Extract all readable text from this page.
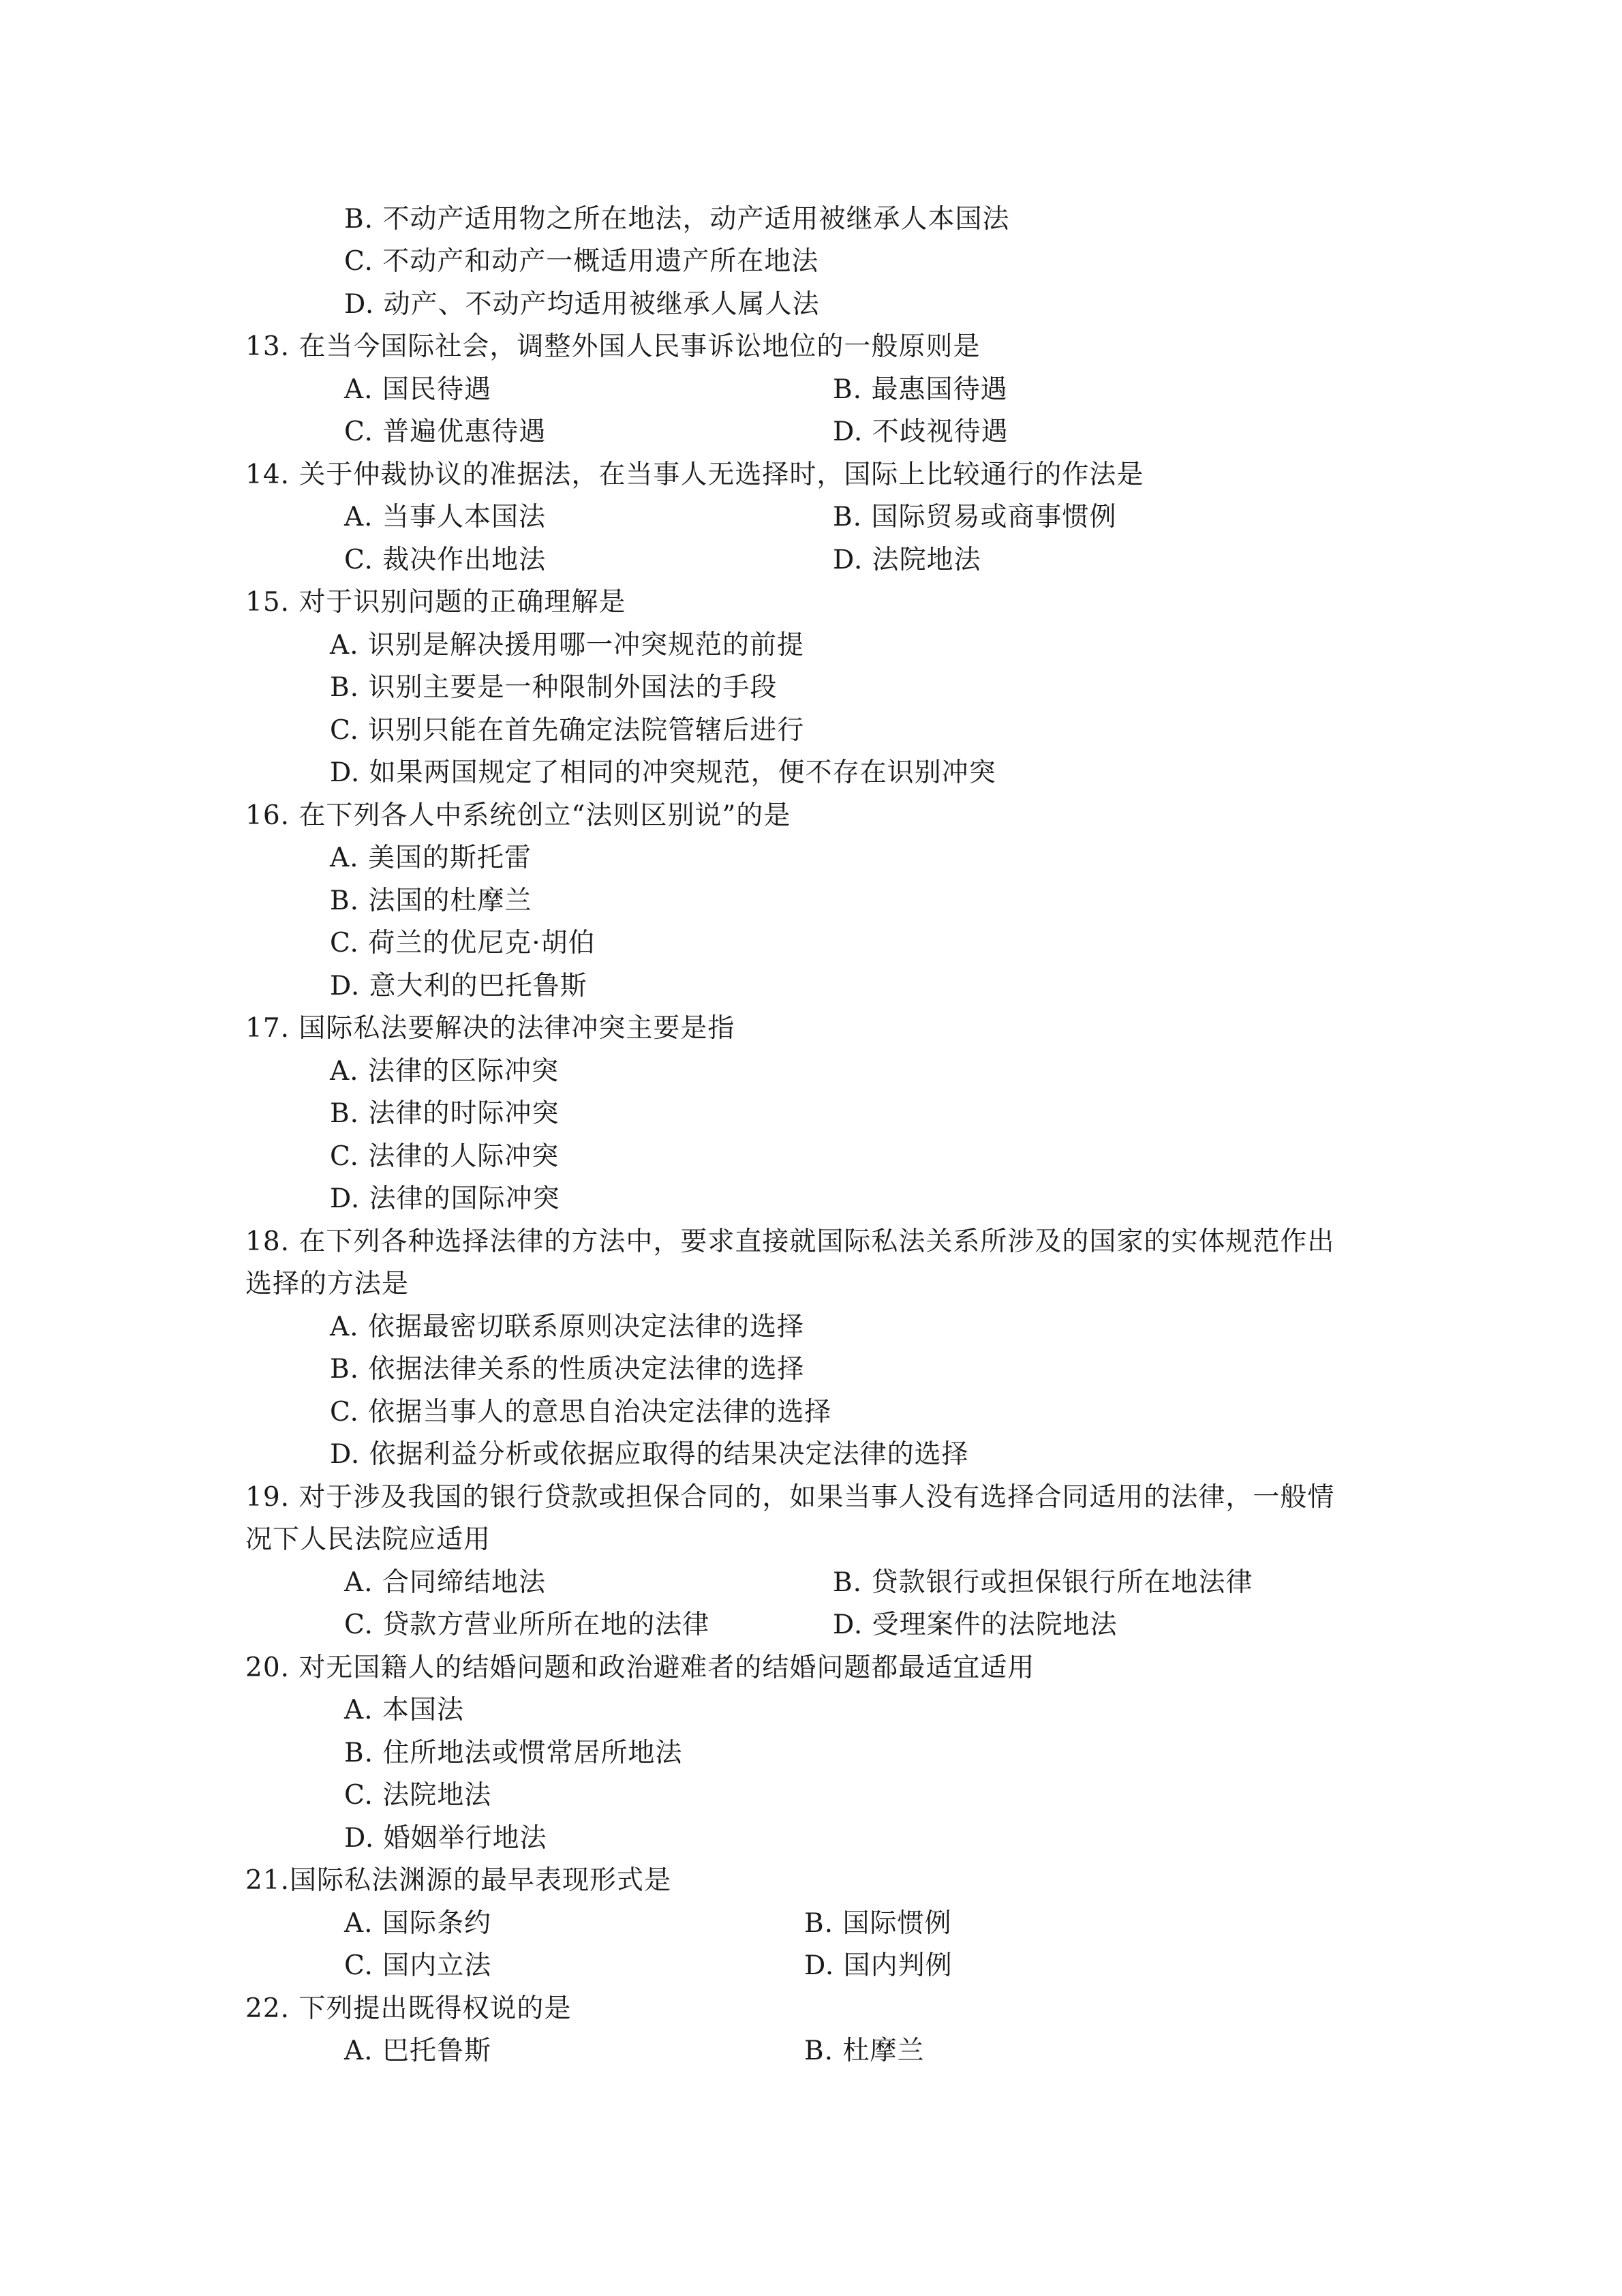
B. 不动产适用物之所在地法，动产适用被继承人本国法
C. 不动产和动产一概适用遗产所在地法
D. 动产、不动产均适用被继承人属人法
13. 在当今国际社会，调整外国人民事诉讼地位的一般原则是
A. 国民待遇	B. 最惠国待遇
C. 普遍优惠待遇	D. 不歧视待遇
14. 关于仲裁协议的准据法，在当事人无选择时，国际上比较通行的作法是
A. 当事人本国法	B. 国际贸易或商事惯例
C. 裁决作出地法	D. 法院地法
15. 对于识别问题的正确理解是
A. 识别是解决援用哪一冲突规范的前提
B. 识别主要是一种限制外国法的手段
C. 识别只能在首先确定法院管辖后进行
D. 如果两国规定了相同的冲突规范，便不存在识别冲突
16. 在下列各人中系统创立“法则区别说”的是
A. 美国的斯托雷
B. 法国的杜摩兰
C. 荷兰的优尼克·胡伯
D. 意大利的巴托鲁斯
17. 国际私法要解决的法律冲突主要是指
A. 法律的区际冲突
B. 法律的时际冲突
C. 法律的人际冲突
D. 法律的国际冲突
18. 在下列各种选择法律的方法中，要求直接就国际私法关系所涉及的国家的实体规范作出
选择的方法是
A. 依据最密切联系原则决定法律的选择
B. 依据法律关系的性质决定法律的选择
C. 依据当事人的意思自治决定法律的选择
D. 依据利益分析或依据应取得的结果决定法律的选择
19. 对于涉及我国的银行贷款或担保合同的，如果当事人没有选择合同适用的法律，一般情
况下人民法院应适用
A. 合同缔结地法	B. 贷款银行或担保银行所在地法律
C. 贷款方营业所所在地的法律	D. 受理案件的法院地法
20. 对无国籍人的结婚问题和政治避难者的结婚问题都最适宜适用
A. 本国法
B. 住所地法或惯常居所地法
C. 法院地法
D. 婚姻举行地法
21.国际私法渊源的最早表现形式是
A. 国际条约	B. 国际惯例
C. 国内立法	D. 国内判例
22. 下列提出既得权说的是
A. 巴托鲁斯	B. 杜摩兰
